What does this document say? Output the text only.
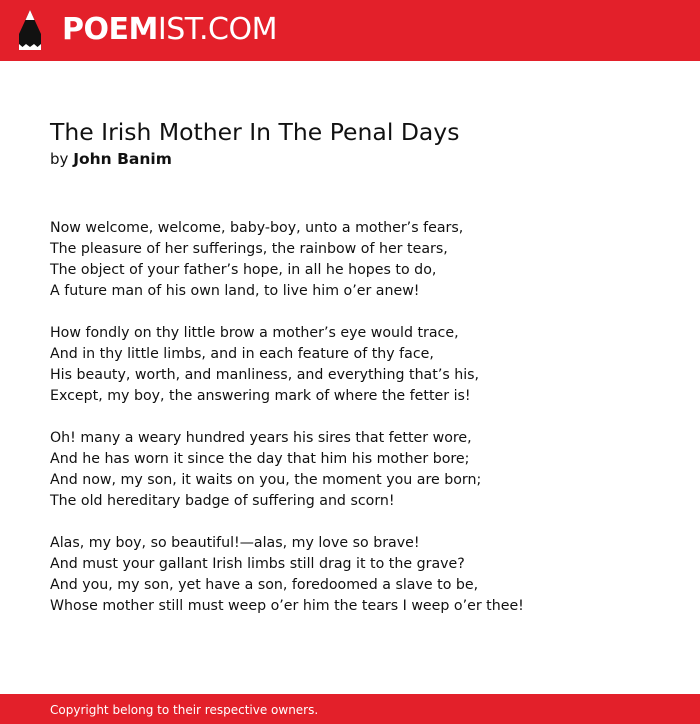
POEMIST.COM
The Irish Mother In The Penal Days
by John Banim
Now welcome, welcome, baby-boy, unto a mother’s fears,
The pleasure of her sufferings, the rainbow of her tears,
The object of your father’s hope, in all he hopes to do,
A future man of his own land, to live him o’er anew!
How fondly on thy little brow a mother’s eye would trace,
And in thy little limbs, and in each feature of thy face,
His beauty, worth, and manliness, and everything that’s his,
Except, my boy, the answering mark of where the fetter is!
Oh! many a weary hundred years his sires that fetter wore,
And he has worn it since the day that him his mother bore;
And now, my son, it waits on you, the moment you are born;
The old hereditary badge of suffering and scorn!
Alas, my boy, so beautiful!—alas, my love so brave!
And must your gallant Irish limbs still drag it to the grave?
And you, my son, yet have a son, foredoomed a slave to be,
Whose mother still must weep o’er him the tears I weep o’er thee!
Copyright belong to their respective owners.
